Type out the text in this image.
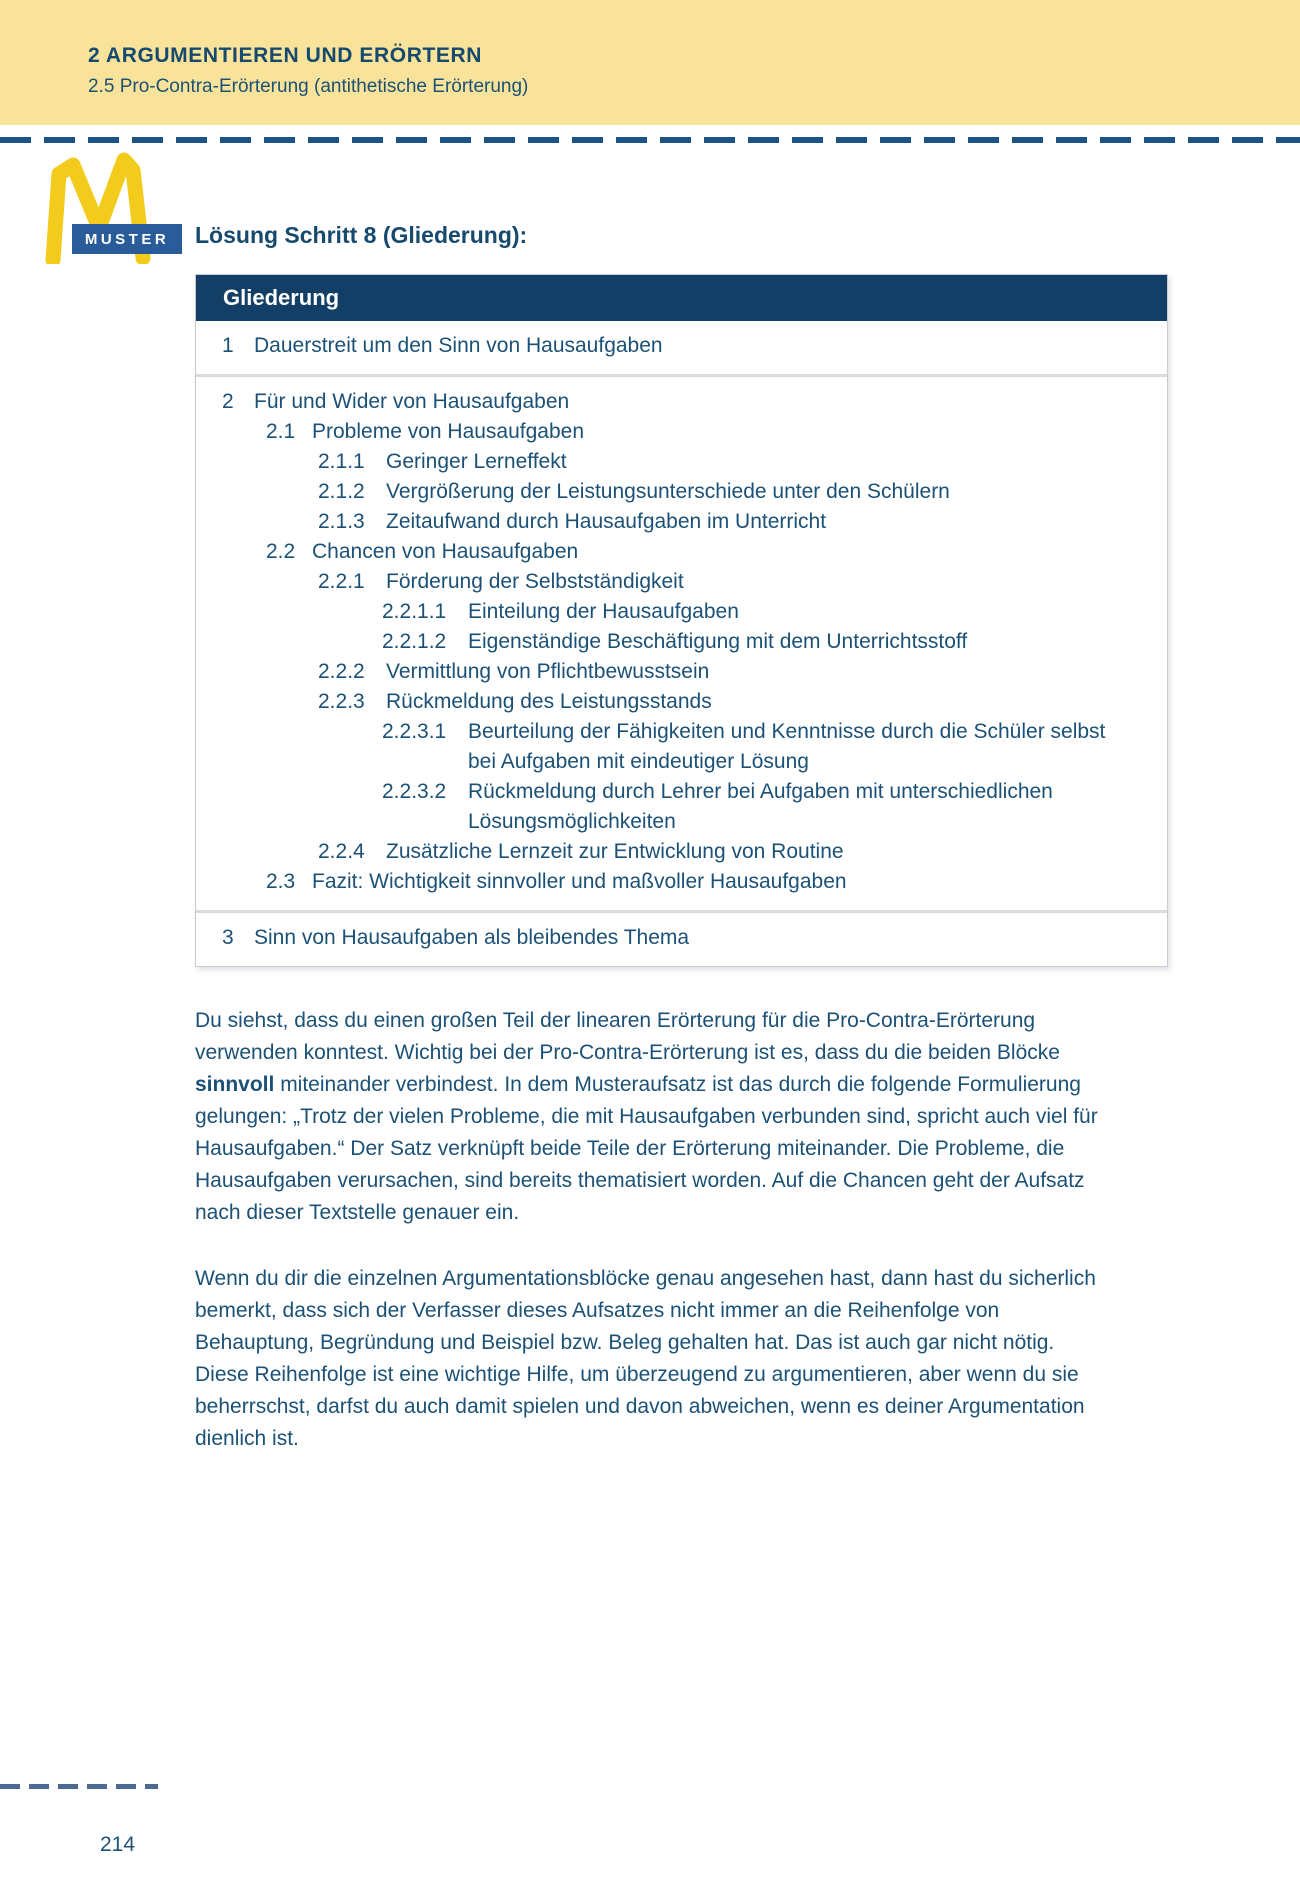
2 ARGUMENTIEREN UND ERÖRTERN
2.5 Pro-Contra-Erörterung (antithetische Erörterung)
MUSTER Lösung Schritt 8 (Gliederung):
Gliederung
1 Dauerstreit um den Sinn von Hausaufgaben
2 Für und Wider von Hausaufgaben
2.1 Probleme von Hausaufgaben
2.1.1	Geringer Lerneffekt
2.1.2	Vergrößerung der Leistungsunterschiede unter den Schülern
2.1.3	Zeitaufwand durch Hausaufgaben im Unterricht
2.2 Chancen von Hausaufgaben
2.2.1	Förderung der Selbstständigkeit
2.2.1.1	Einteilung der Hausaufgaben
2.2.1.2	Eigenständige Beschäftigung mit dem Unterrichtsstoff
2.2.2	Vermittlung von Pflichtbewusstsein
2.2.3	Rückmeldung des Leistungsstands
2.2.3.1	Beurteilung der Fähigkeiten und Kenntnisse durch die Schüler selbst bei Aufgaben mit eindeutiger Lösung
2.2.3.2	Rückmeldung durch Lehrer bei Aufgaben mit unterschiedlichen Lösungsmöglichkeiten
2.2.4	Zusätzliche Lernzeit zur Entwicklung von Routine
2.3 Fazit: Wichtigkeit sinnvoller und maßvoller Hausaufgaben
3 Sinn von Hausaufgaben als bleibendes Thema

Du siehst, dass du einen großen Teil der linearen Erörterung für die Pro-Contra-Erörterung verwenden konntest. Wichtig bei der Pro-Contra-Erörterung ist es, dass du die beiden Blöcke sinnvoll miteinander verbindest. In dem Musteraufsatz ist das durch die folgende Formulierung gelungen: „Trotz der vielen Probleme, die mit Hausaufgaben verbunden sind, spricht auch viel für Hausaufgaben.“ Der Satz verknüpft beide Teile der Erörterung miteinander. Die Probleme, die Hausaufgaben verursachen, sind bereits thematisiert worden. Auf die Chancen geht der Aufsatz nach dieser Textstelle genauer ein.

Wenn du dir die einzelnen Argumentationsblöcke genau angesehen hast, dann hast du sicherlich bemerkt, dass sich der Verfasser dieses Aufsatzes nicht immer an die Reihenfolge von Behauptung, Begründung und Beispiel bzw. Beleg gehalten hat. Das ist auch gar nicht nötig. Diese Reihenfolge ist eine wichtige Hilfe, um überzeugend zu argumentieren, aber wenn du sie beherrschst, darfst du auch damit spielen und davon abweichen, wenn es deiner Argumentation dienlich ist.

214
